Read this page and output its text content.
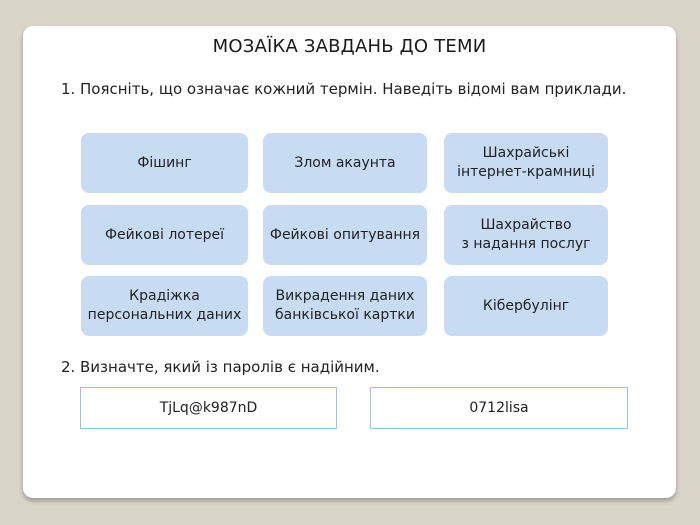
МОЗАЇКА ЗАВДАНЬ ДО ТЕМИ
1. Поясніть, що означає кожний термін. Наведіть відомі вам приклади.
Фішинг	Злом акаунта
Шахрайські
інтернет-крамниці
Фейкові лотереї	Фейкові опитування
Шахрайство
з надання послуг
Крадіжка
персональних даних
Викрадення даних
банківської картки
Кібербулінг
2. Визначте, який із паролів є надійним.
TjLq@k987nD	0712lisa
